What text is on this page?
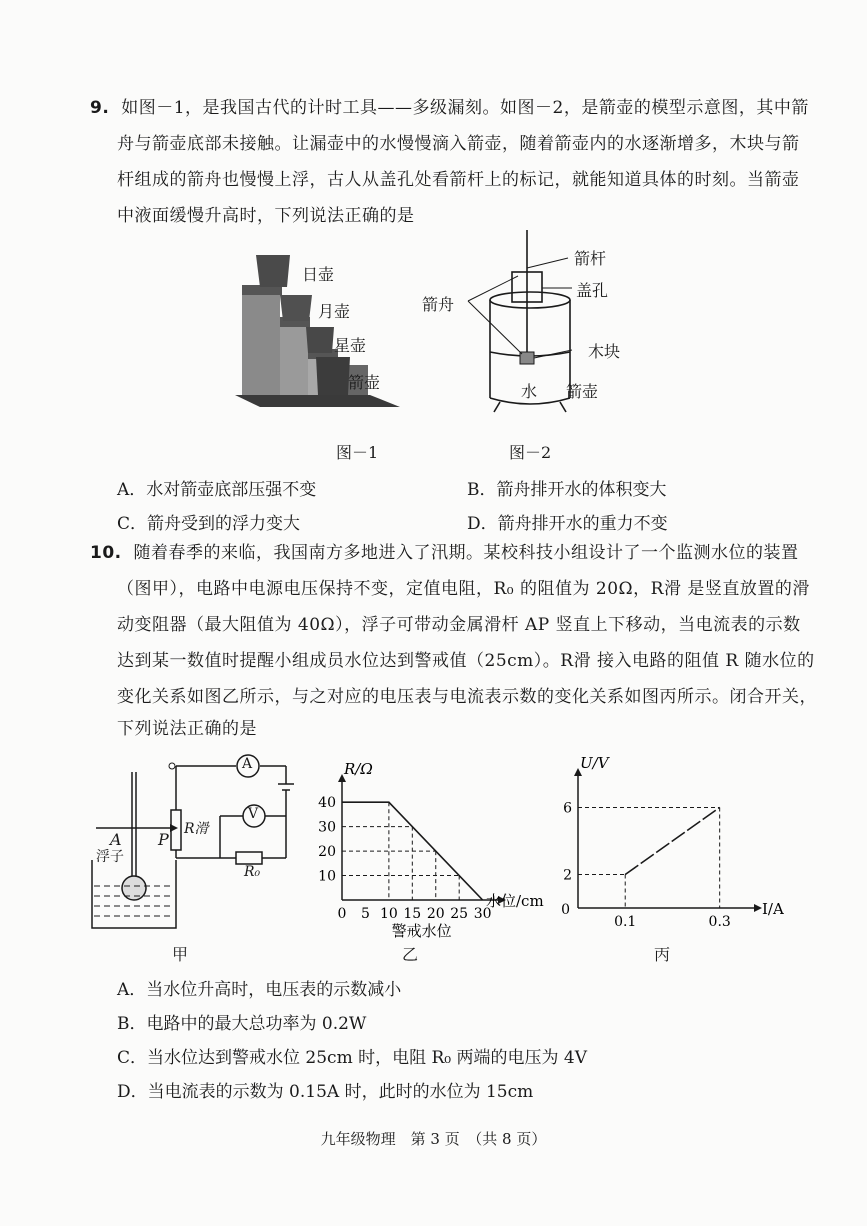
9. 如图－1，是我国古代的计时工具——多级漏刻。如图－2，是箭壶的模型示意图，其中箭
舟与箭壶底部未接触。让漏壶中的水慢慢滴入箭壶，随着箭壶内的水逐渐增多，木块与箭
杆组成的箭舟也慢慢上浮，古人从盖孔处看箭杆上的标记，就能知道具体的时刻。当箭壶
中液面缓慢升高时，下列说法正确的是
日壶
月壶
星壶
箭壶
图－1
箭杆
盖孔
箭舟
木块
水 箭壶
图－2
A．水对箭壶底部压强不变	B．箭舟排开水的体积变大
C．箭舟受到的浮力变大	D．箭舟排开水的重力不变
10. 随着春季的来临，我国南方多地进入了汛期。某校科技小组设计了一个监测水位的装置
（图甲），电路中电源电压保持不变，定值电阻，R₀ 的阻值为 20Ω，R滑 是竖直放置的滑
动变阻器（最大阻值为 40Ω），浮子可带动金属滑杆 AP 竖直上下移动，当电流表的示数
达到某一数值时提醒小组成员水位达到警戒值（25cm）。R滑 接入电路的阻值 R 随水位的
变化关系如图乙所示，与之对应的电压表与电流表示数的变化关系如图丙所示。闭合开关，
下列说法正确的是
A P
浮子
R滑
R₀
A
V
甲
R/Ω
水位/cm
0 5 10 15 20 25 30
10
20
30
40
警戒水位
U/V
I/A
0
0.1	0.3
2
6
A．当水位升高时，电压表的示数减小
B．电路中的最大总功率为 0.2W
C．当水位达到警戒水位 25cm 时，电阻 R₀ 两端的电压为 4V
D．当电流表的示数为 0.15A 时，此时的水位为 15cm
九年级物理　第 3 页　（共 8 页）
乙	丙
